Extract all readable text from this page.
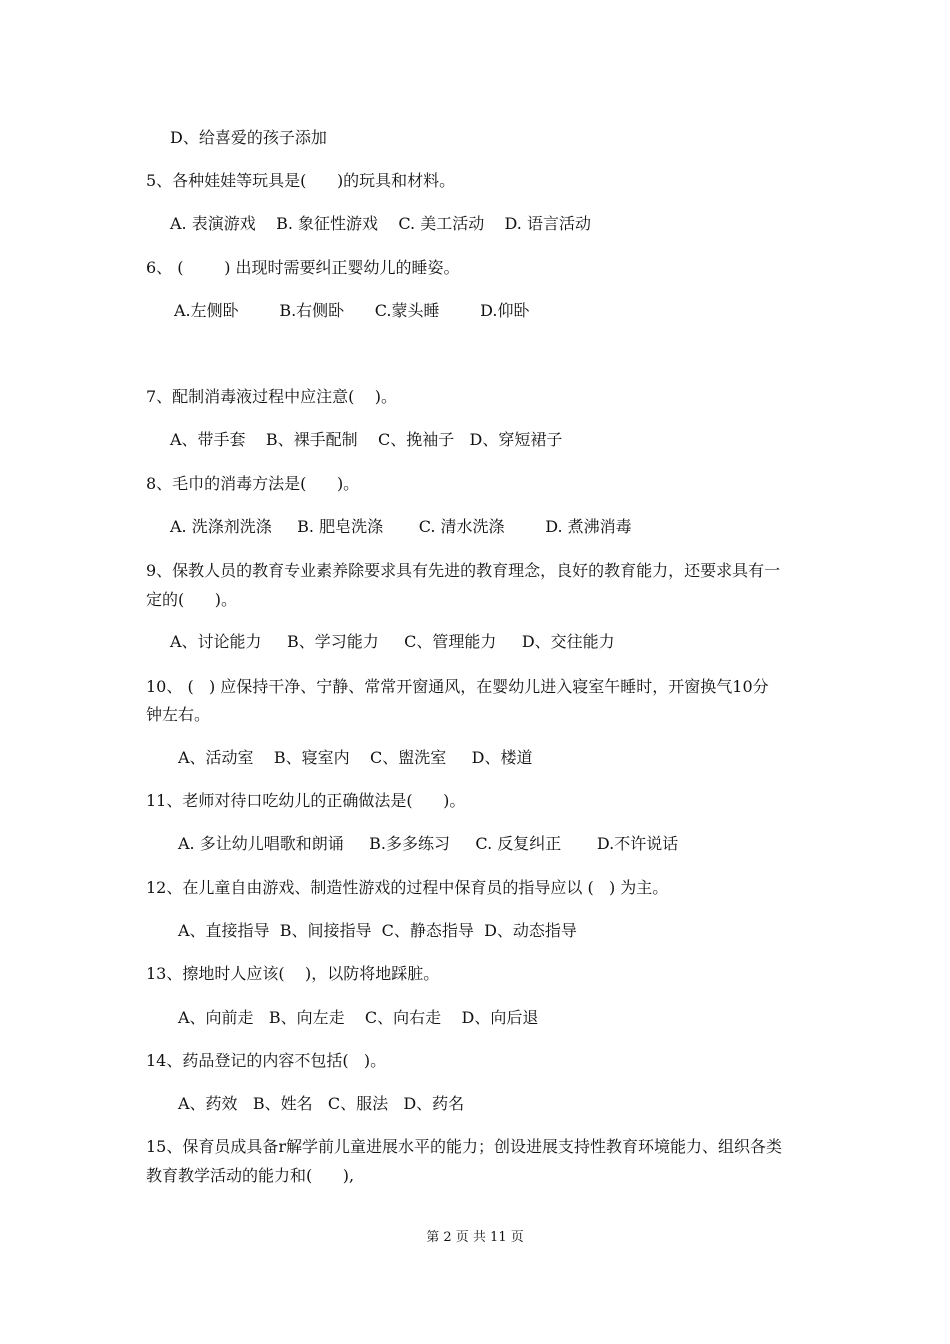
D、给喜爱的孩子添加
5、各种娃娃等玩具是(      )的玩具和材料。
A. 表演游戏    B. 象征性游戏    C. 美工活动    D. 语言活动
6、 (        ) 出现时需要纠正婴幼儿的睡姿。
A.左侧卧        B.右侧卧      C.蒙头睡        D.仰卧
7、配制消毒液过程中应注意(    )。
A、带手套    B、裸手配制    C、挽袖子   D、穿短裙子
8、毛巾的消毒方法是(      )。
A. 洗涤剂洗涤     B. 肥皂洗涤       C. 清水洗涤        D. 煮沸消毒
9、保教人员的教育专业素养除要求具有先进的教育理念，良好的教育能力，还要求具有一
定的(      )。
A、讨论能力     B、学习能力     C、管理能力     D、交往能力
10、 (   ) 应保持干净、宁静、常常开窗通风，在婴幼儿进入寝室午睡时，开窗换气10分
钟左右。
A、活动室    B、寝室内    C、盥洗室     D、楼道
11、老师对待口吃幼儿的正确做法是(      )。
A. 多让幼儿唱歌和朗诵     B.多多练习     C. 反复纠正       D.不许说话
12、在儿童自由游戏、制造性游戏的过程中保育员的指导应以 (   ) 为主。
A、直接指导  B、间接指导  C、静态指导  D、动态指导
13、擦地时人应该(    )，以防将地踩脏。
A、向前走   B、向左走    C、向右走    D、向后退
14、药品登记的内容不包括(   )。
A、药效   B、姓名   C、服法   D、药名
15、保育员成具备r解学前儿童进展水平的能力；创设进展支持性教育环境能力、组织各类
教育教学活动的能力和(      ),
第 2 页 共 11 页
